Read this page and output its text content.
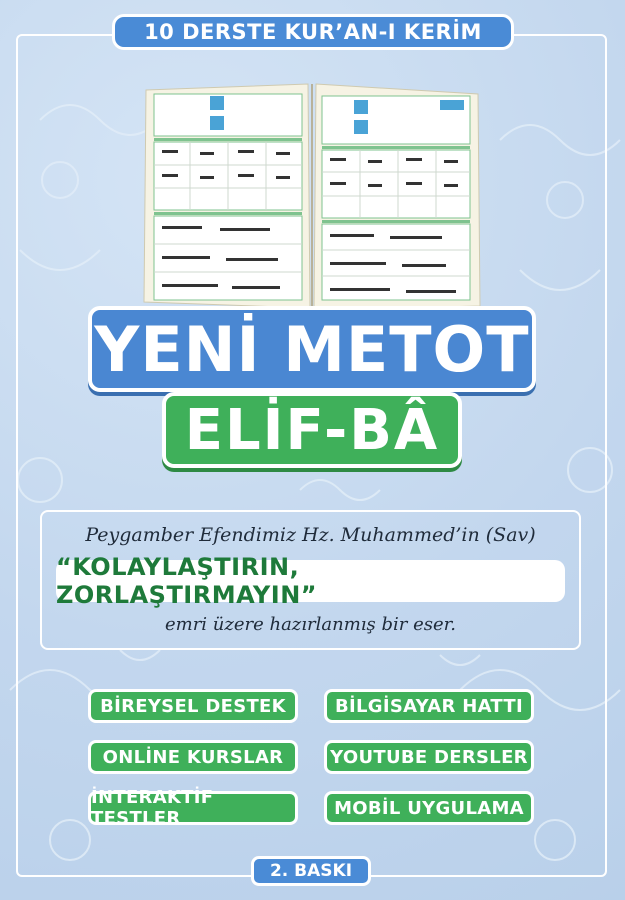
10 DERSTE KUR’AN-I KERİM
YENİ METOT
ELİF-BÂ
Peygamber Efendimiz Hz. Muhammed’in (Sav)
“KOLAYLAŞTIRIN, ZORLAŞTIRMAYIN”
emri üzere hazırlanmış bir eser.
BİREYSEL DESTEK	BİLGİSAYAR HATTI
ONLİNE KURSLAR	YOUTUBE DERSLER
İNTERAKTİF TESTLER	MOBİL UYGULAMA
2. BASKI
